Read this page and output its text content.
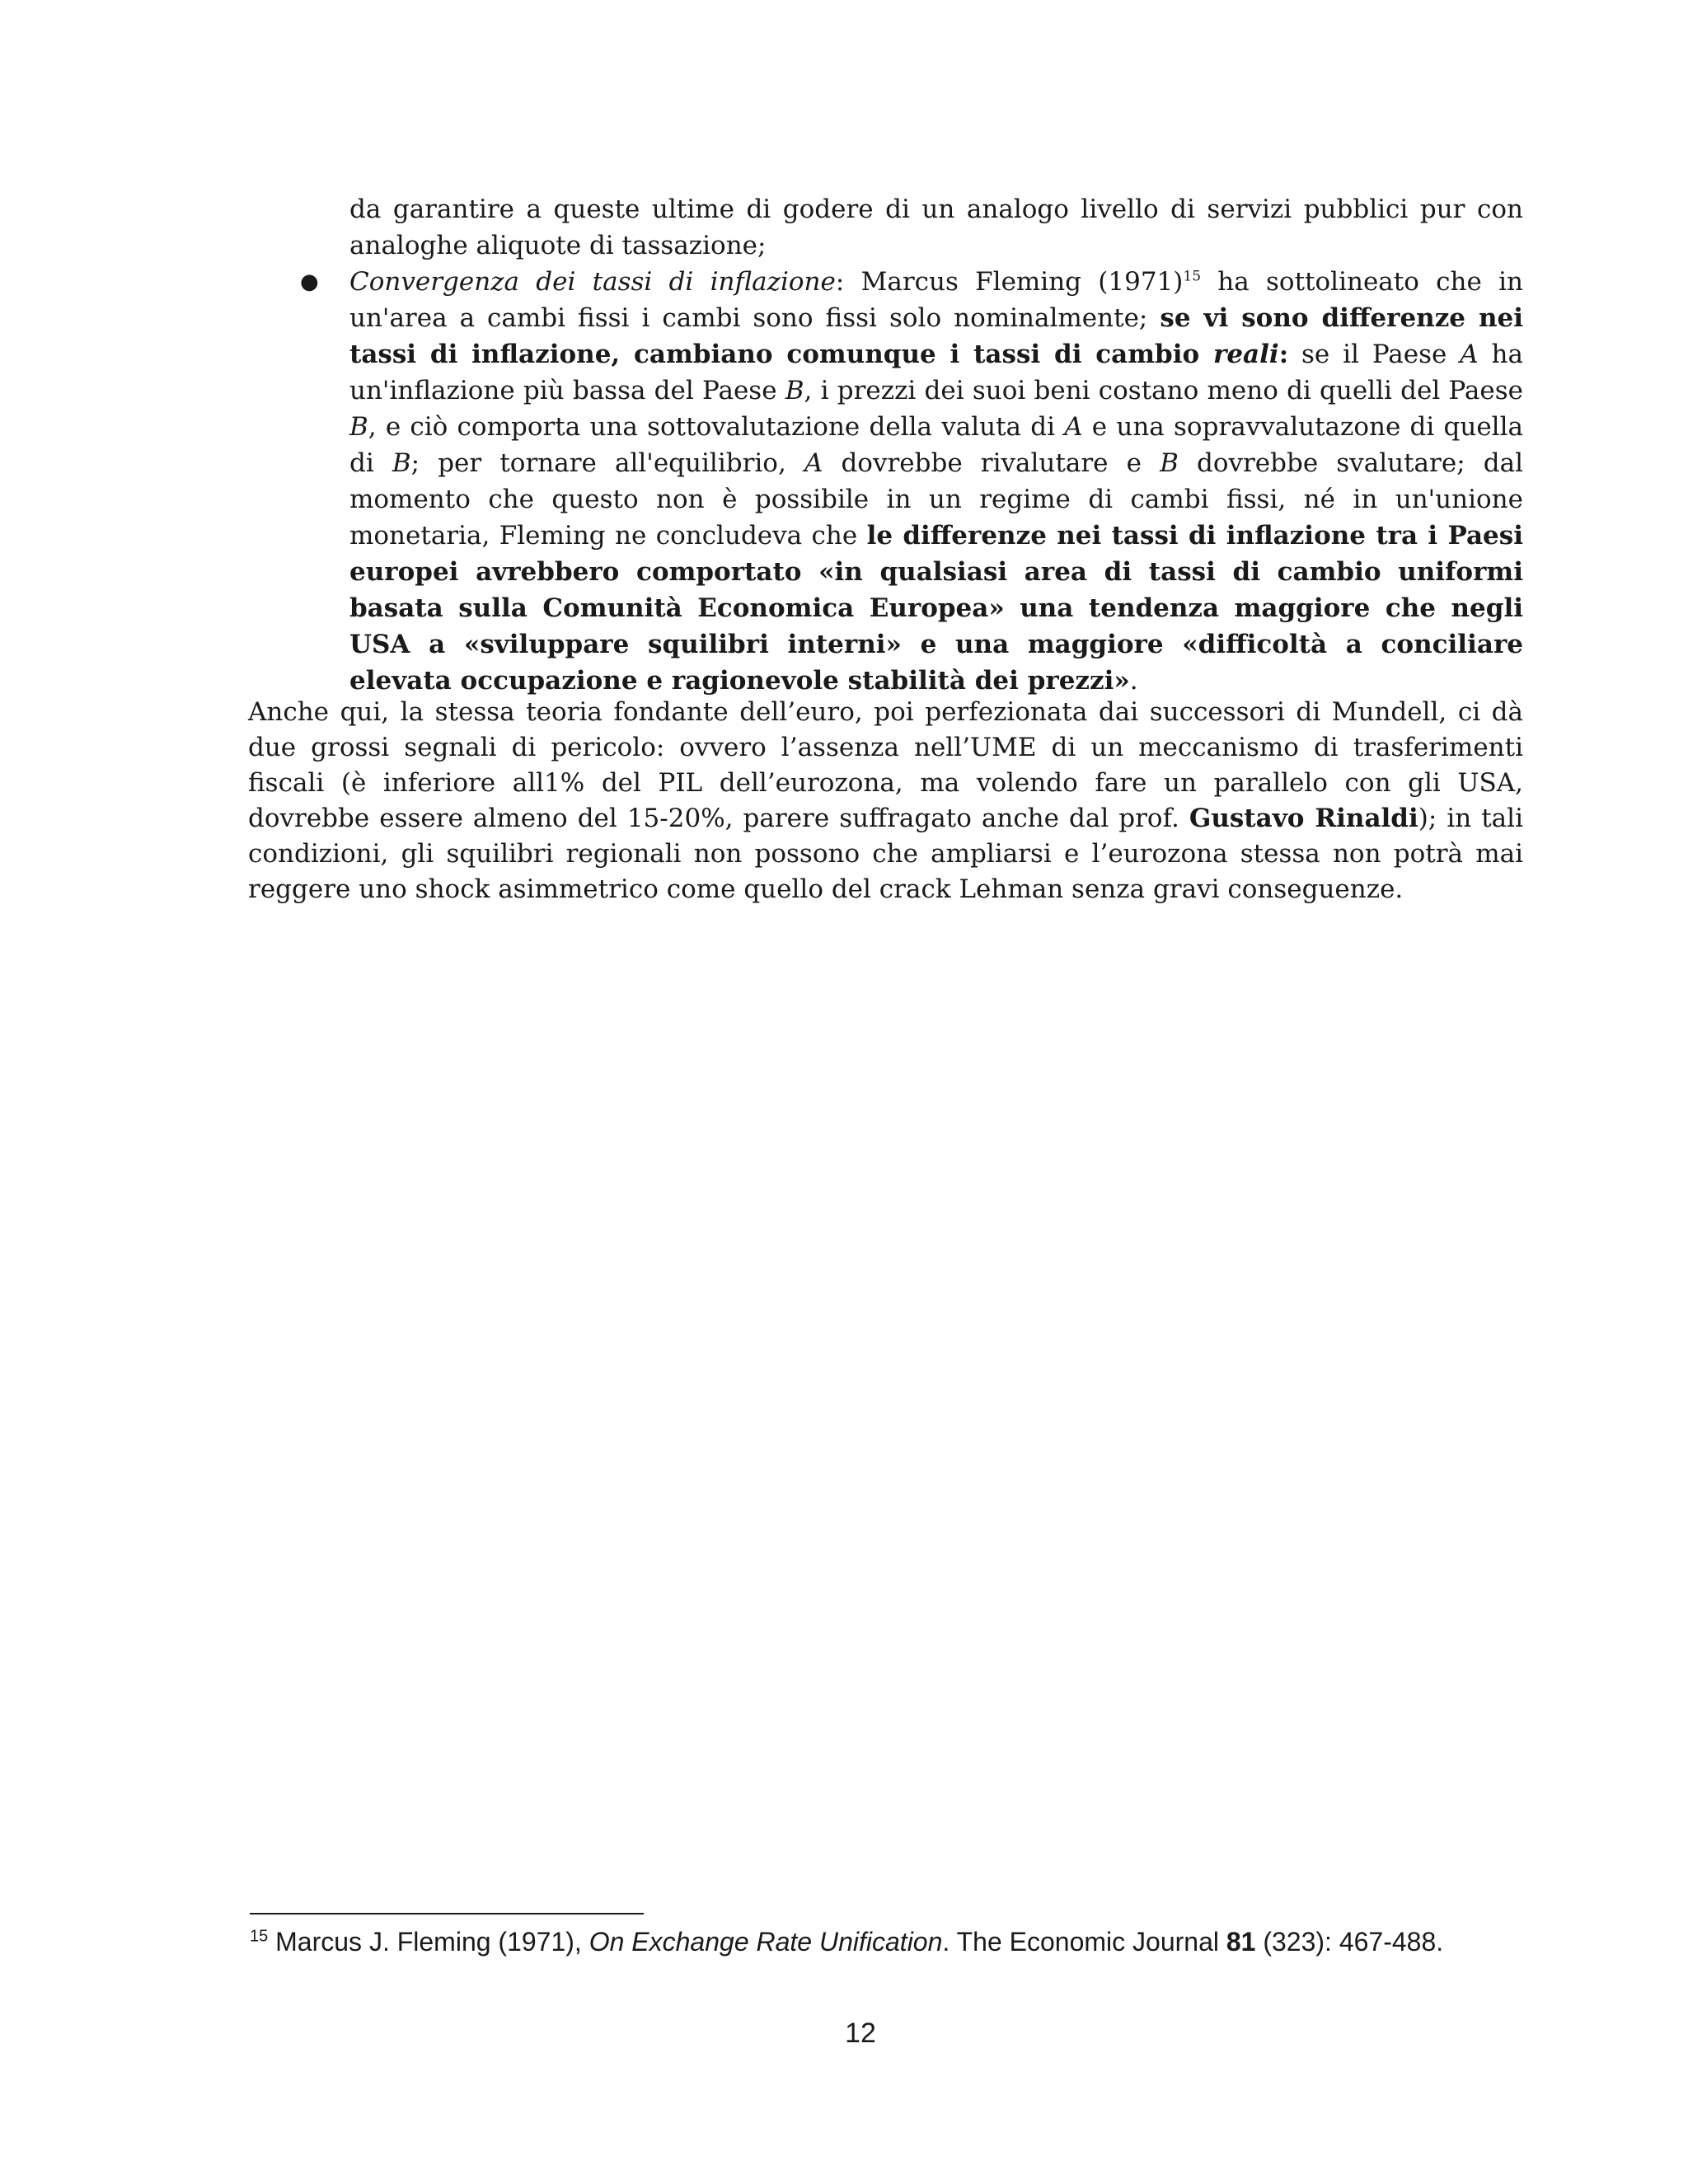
da garantire a queste ultime di godere di un analogo livello di servizi pubblici pur con analoghe aliquote di tassazione;

● Convergenza dei tassi di inflazione: Marcus Fleming $(1971)^{15}$ ha sottolineato che in un'area a cambi fissi i cambi sono fissi solo nominalmente; se vi sono differenze nei tassi di inflazione, cambiano comunque i tassi di cambio reali: se il Paese A ha un'inflazione più bassa del Paese B, i prezzi dei suoi beni costano meno di quelli del Paese B, e ciò comporta una sottovalutazione della valuta di A e una sopravvalutazone di quella di B; per tornare all'equilibrio, A dovrebbe rivalutare e B dovrebbe svalutare; dal momento che questo non è possibile in un regime di cambi fissi, né in un'unione monetaria, Fleming ne concludeva che le differenze nei tassi di inflazione tra i Paesi europei avrebbero comportato «in qualsiasi area di tassi di cambio uniformi basata sulla Comunità Economica Europea» una tendenza maggiore che negli USA a «sviluppare squilibri interni» e una maggiore «difficoltà a conciliare elevata occupazione e ragionevole stabilità dei prezzi».

Anche qui, la stessa teoria fondante dell’euro, poi perfezionata dai successori di Mundell, ci dà due grossi segnali di pericolo: ovvero l’assenza nell’UME di un meccanismo di trasferimenti fiscali (è inferiore all1% del PIL dell’eurozona, ma volendo fare un parallelo con gli USA, dovrebbe essere almeno del 15-20%, parere suffragato anche dal prof. Gustavo Rinaldi); in tali condizioni, gli squilibri regionali non possono che ampliarsi e l’eurozona stessa non potrà mai reggere uno shock asimmetrico come quello del crack Lehman senza gravi conseguenze.

$^{15}$ Marcus J. Fleming (1971), On Exchange Rate Unification. The Economic Journal 81 (323): 467-488.

12
